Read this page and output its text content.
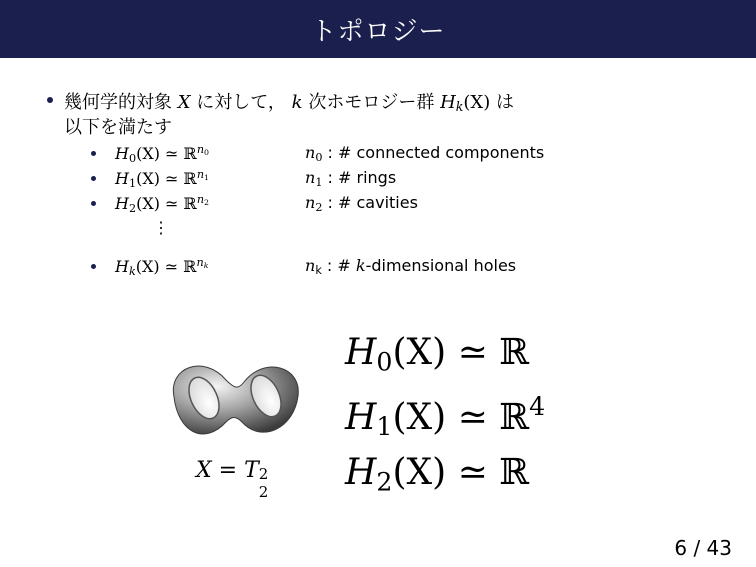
トポロジー
幾何学的対象 X に対して， k 次ホモロジー群 $H_k(X)$ は
以下を満たす
$H_0(X)$ ≃ ℝ$^{n_0}$	$n_0$ : # connected components
$H_1(X)$ ≃ ℝ$^{n_1}$	$n_1$ : # rings
$H_2(X)$ ≃ ℝ$^{n_2}$	$n_2$ : # cavities
⋮
$H_k(X)$ ≃ ℝ$^{n_k}$	$n_k$ : # k-dimensional holes
X = T 2
2
$H_0(X)$ ≃ ℝ
$H_1(X)$ ≃ ℝ$^4$
$H_2(X)$ ≃ ℝ
6 / 43
